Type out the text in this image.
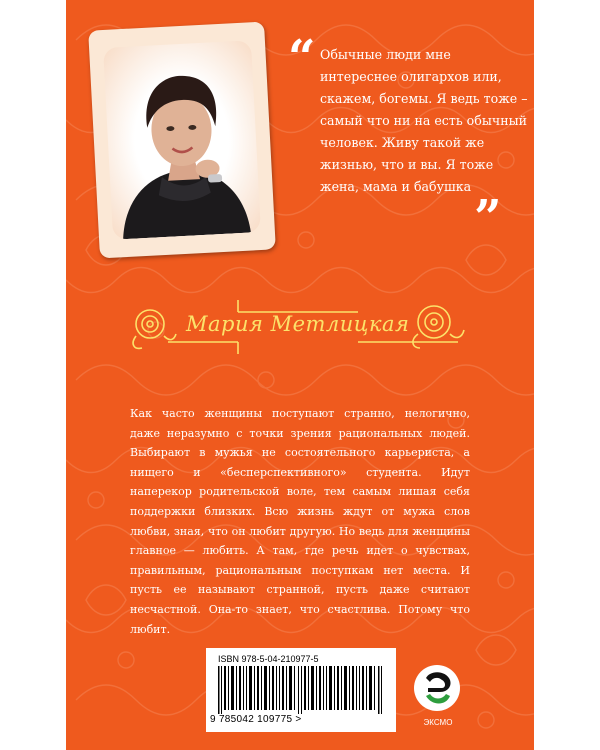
“ Обычные люди мне интереснее олигархов или, скажем, богемы. Я ведь тоже – самый что ни на есть обычный человек. Живу такой же жизнью, что и вы. Я тоже жена, мама и бабушка
”
Мария Метлицкая
Как часто женщины поступают странно, нелогично, даже неразумно с точки зрения рациональных людей. Выбирают в мужья не состоятельного карьериста, а нищего и «бесперспективного» студента. Идут наперекор родительской воле, тем самым лишая себя поддержки близких. Всю жизнь ждут от мужа слов любви, зная, что он любит другую. Но ведь для женщины главное — любить. А там, где речь идет о чувствах, правильным, рациональным поступкам нет места. И пусть ее называют странной, пусть даже считают несчастной. Она-то знает, что счастлива. Потому что любит.
ISBN 978-5-04-210977-5
9 785042 109775 >	ЭКСМО
